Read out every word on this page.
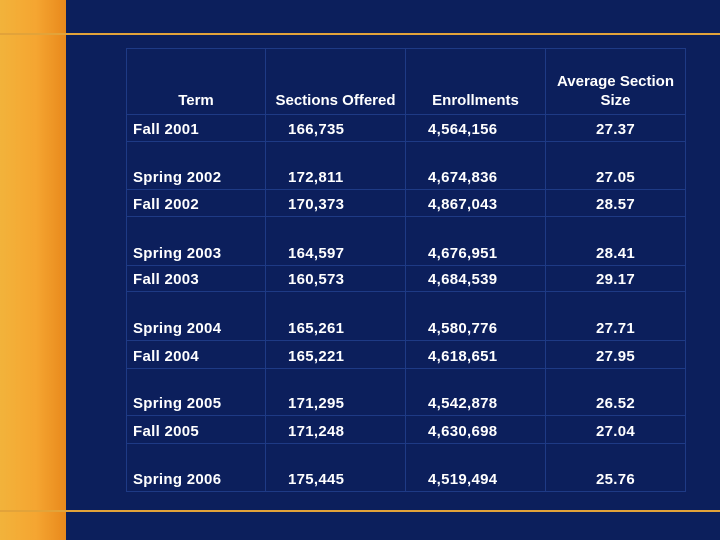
Term	Sections Offered	Enrollments	Average Section Size
Fall 2001	166,735	4,564,156	27.37
Spring 2002	172,811	4,674,836	27.05
Fall 2002	170,373	4,867,043	28.57
Spring 2003	164,597	4,676,951	28.41
Fall 2003	160,573	4,684,539	29.17
Spring 2004	165,261	4,580,776	27.71
Fall 2004	165,221	4,618,651	27.95
Spring 2005	171,295	4,542,878	26.52
Fall 2005	171,248	4,630,698	27.04
Spring 2006	175,445	4,519,494	25.76
